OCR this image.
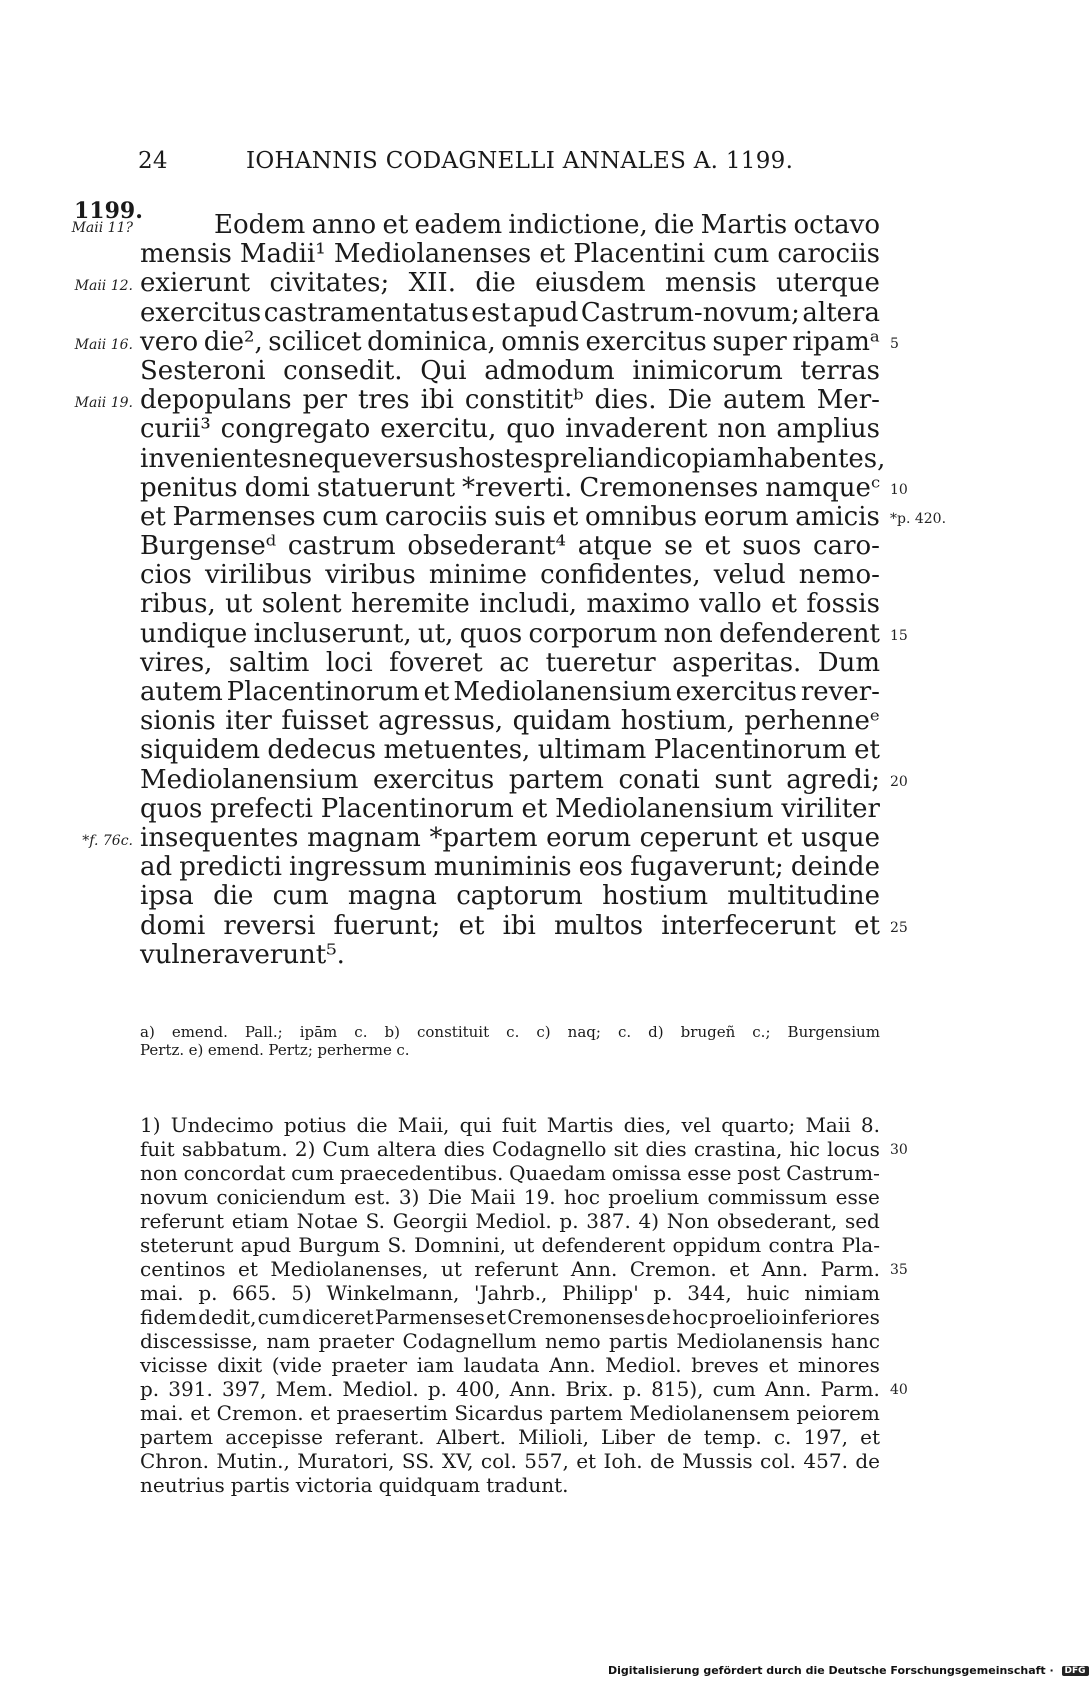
24	IOHANNIS CODAGNELLI ANNALES A. 1199.
1199.
Maii 11?
Maii 12.
Maii 16.
Maii 19.
*f. 76c.
5
10
*p. 420.
15
20
25
Eodem anno et eadem indictione, die Martis octavo
mensis Madii¹ Mediolanenses et Placentini cum carociis
exierunt civitates; XII. die eiusdem mensis uterque
exercitus castramentatus est apud Castrum-novum; altera
vero die², scilicet dominica, omnis exercitus super ripamᵃ
Sesteroni consedit. Qui admodum inimicorum terras
depopulans per tres ibi constititᵇ dies. Die autem Mer-
curii³ congregato exercitu, quo invaderent non amplius
invenientes neque versus hostes preliandi copiam habentes,
penitus domi statuerunt *reverti. Cremonenses namqueᶜ
et Parmenses cum carociis suis et omnibus eorum amicis
Burgenseᵈ castrum obsederant⁴ atque se et suos caro-
cios virilibus viribus minime confidentes, velud nemo-
ribus, ut solent heremite includi, maximo vallo et fossis
undique incluserunt, ut, quos corporum non defenderent
vires, saltim loci foveret ac tueretur asperitas. Dum
autem Placentinorum et Mediolanensium exercitus rever-
sionis iter fuisset agressus, quidam hostium, perhenneᵉ
siquidem dedecus metuentes, ultimam Placentinorum et
Mediolanensium exercitus partem conati sunt agredi;
quos prefecti Placentinorum et Mediolanensium viriliter
insequentes magnam *partem eorum ceperunt et usque
ad predicti ingressum muniminis eos fugaverunt; deinde
ipsa die cum magna captorum hostium multitudine
domi reversi fuerunt; et ibi multos interfecerunt et
vulneraverunt⁵.
a) emend. Pall.; ipām c. b) constituit c. c) naq; c. d) brugeñ c.; Burgensium
Pertz. e) emend. Pertz; perherme c.
1) Undecimo potius die Maii, qui fuit Martis dies, vel quarto; Maii 8.
fuit sabbatum. 2) Cum altera dies Codagnello sit dies crastina, hic locus
non concordat cum praecedentibus. Quaedam omissa esse post Castrum-
novum coniciendum est. 3) Die Maii 19. hoc proelium commissum esse
referunt etiam Notae S. Georgii Mediol. p. 387. 4) Non obsederant, sed
steterunt apud Burgum S. Domnini, ut defenderent oppidum contra Pla-
centinos et Mediolanenses, ut referunt Ann. Cremon. et Ann. Parm.
mai. p. 665. 5) Winkelmann, 'Jahrb., Philipp' p. 344, huic nimiam
fidem dedit, cum diceret Parmenses et Cremonenses de hoc proelio inferiores
discessisse, nam praeter Codagnellum nemo partis Mediolanensis hanc
vicisse dixit (vide praeter iam laudata Ann. Mediol. breves et minores
p. 391. 397, Mem. Mediol. p. 400, Ann. Brix. p. 815), cum Ann. Parm.
mai. et Cremon. et praesertim Sicardus partem Mediolanensem peiorem
partem accepisse referant. Albert. Milioli, Liber de temp. c. 197, et
Chron. Mutin., Muratori, SS. XV, col. 557, et Ioh. de Mussis col. 457. de
neutrius partis victoria quidquam tradunt.
30
35
40
Digitalisierung gefördert durch die Deutsche Forschungsgemeinschaft · DFG
